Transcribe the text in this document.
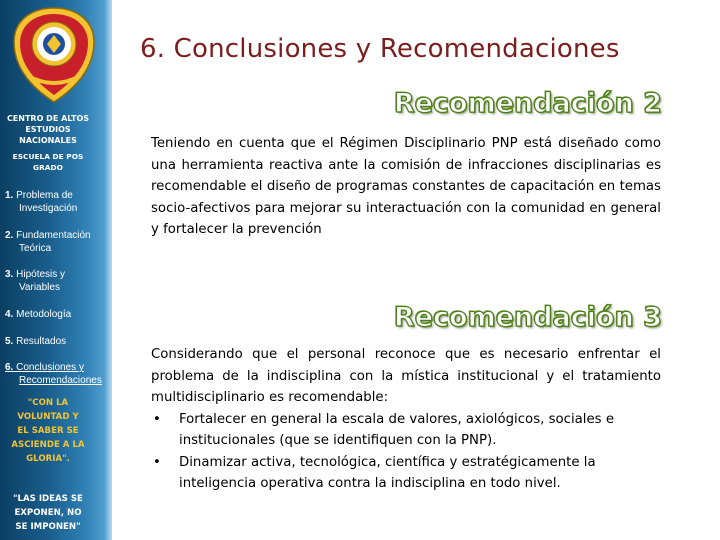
CENTRO DE ALTOS
ESTUDIOS
NACIONALES
ESCUELA DE POS
GRADO
1. Problema de
Investigación
2. Fundamentación
Teórica
3. Hipótesis y
Variables
4. Metodología
5. Resultados
6. Conclusiones y
Recomendaciones
"CON LA
VOLUNTAD Y
EL SABER SE
ASCIENDE A LA
GLORIA".
"LAS IDEAS SE
EXPONEN, NO
SE IMPONEN"
6. Conclusiones y Recomendaciones
Recomendación 2
Teniendo en cuenta que el Régimen Disciplinario PNP está diseñado como una herramienta reactiva ante la comisión de infracciones disciplinarias es recomendable el diseño de programas constantes de capacitación en temas socio-afectivos para mejorar su interactuación con la comunidad en general y fortalecer la prevención
Recomendación 3
Considerando que el personal reconoce que es necesario enfrentar el problema de la indisciplina con la mística institucional y el tratamiento multidisciplinario es recomendable:
• Fortalecer en general la escala de valores, axiológicos, sociales e institucionales (que se identifiquen con la PNP).
• Dinamizar activa, tecnológica, científica y estratégicamente la inteligencia operativa contra la indisciplina en todo nivel.
